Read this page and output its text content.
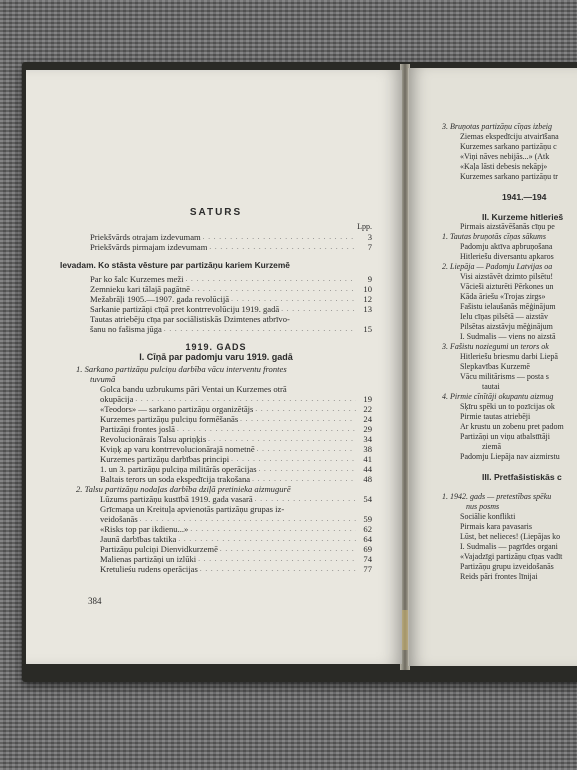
SATURS
Lpp.
Priekšvārds otrajam izdevumam . . .	3
Priekšvārds pirmajam izdevumam . . .	7
Ievadam. Ko stāsta vēsture par partizāņu kariem Kurzemē
Par ko šalc Kurzemes meži . . .	9
Zemnieku kari tālajā pagātnē . . .	10
Mežabrāļi 1905.—1907. gada revolūcijā . . .	12
Sarkanie partizāņi cīņā pret kontrrevolūciju 1919. gadā . . .	13
Tautas atriebēju cīņa par sociālistiskās Dzimtenes atbrīvo-
šanu no fašisma jūga . . .	15
1919. GADS
I. Cīņā par padomju varu 1919. gadā
1. Sarkano partizāņu pulciņu darbība vācu interventu frontes
tuvumā
Golca bandu uzbrukums pāri Ventai un Kurzemes otrā
okupācija . . .	19
«Teodors» — sarkano partizāņu organizētājs . . .	22
Kurzemes partizāņu pulciņu formēšanās . . .	24
Partizāņi frontes joslā . . .	29
Revolucionārais Talsu apriņķis . . .	34
Kviņķ ap varu kontrrevolucionārajā nometnē . . .	38
Kurzemes partizāņu darbības principi . . .	41
1. un 3. partizāņu pulciņa militārās operācijas . . .	44
Baltais terors un soda ekspedīcija trakošana . . .	48
2. Talsu partizāņu nodaļas darbība dziļā pretinieka aizmugurē
Lūzums partizāņu kustībā 1919. gada vasarā . . .	54
Grīcmaņa un Kreituļa apvienotās partizāņu grupas iz-
veidošanās . . .	59
«Risks top par ikdienu...» . . .	62
Jaunā darbības taktika . . .	64
Partizāņu pulciņi Dienvidkurzemē . . .	69
Malienas partizāņi un izlūki . . .	74
Kretulieśu rudens operācijas . . .	77
384
3. Bruņotas partizāņu cīņas izbeig
Ziemas ekspedīciju atvairīšana
Kurzemes sarkano partizāņu c
«Viņi nāves nebijās...» (Atk
«Kaļa lāsti debesis nekāpj»
Kurzemes sarkano partizāņu tr
1941.—194
II. Kurzeme hitlerieš
Pirmais aizstāvēšanās cīņu pe
1. Tautas bruņotās cīņas sākums
Padomju aktīva apbruņošana
Hitleriešu diversantu apkaros
2. Liepāja — Padomju Latvijas oa
Visi aizstāvēt dzimto pilsētu!
Vācieši aizturēti Pērkones un
Kāda āriešu «Trojas zirgs»
Fašistu ielaušanās mēģinājum
Ielu cīņas pilsētā — aizstāv
Pilsētas aizstāvju mēģinājum
I. Sudmalis — viens no aizstā
3. Fašistu noziegumi un terors ok
Hitleriešu briesmu darbi Liepā
Slepkavības Kurzemē
Vācu militārisms — posta s
tautai
4. Pirmie cīnītāji okupantu aizmug
Sķīru spēki un to pozīcijas ok
Pirmie tautas atriebēji
Ar krustu un zobenu pret padom
Partizāņi un viņu atbalstītāji
ziemā
Padomju Liepāja nav aizmirstu
III. Pretfašistiskās c
1. 1942. gads — pretestības spēku
nus posms
Sociālie konflikti
Pirmais kara pavasaris
Lūst, bet nelieces! (Liepājas ko
I. Sudmalis — pagrīdes organi
«Vajadzīgi partizāņu cīņas vadīt
Partizāņu grupu izveidošanās
Reids pāri frontes līnijai
